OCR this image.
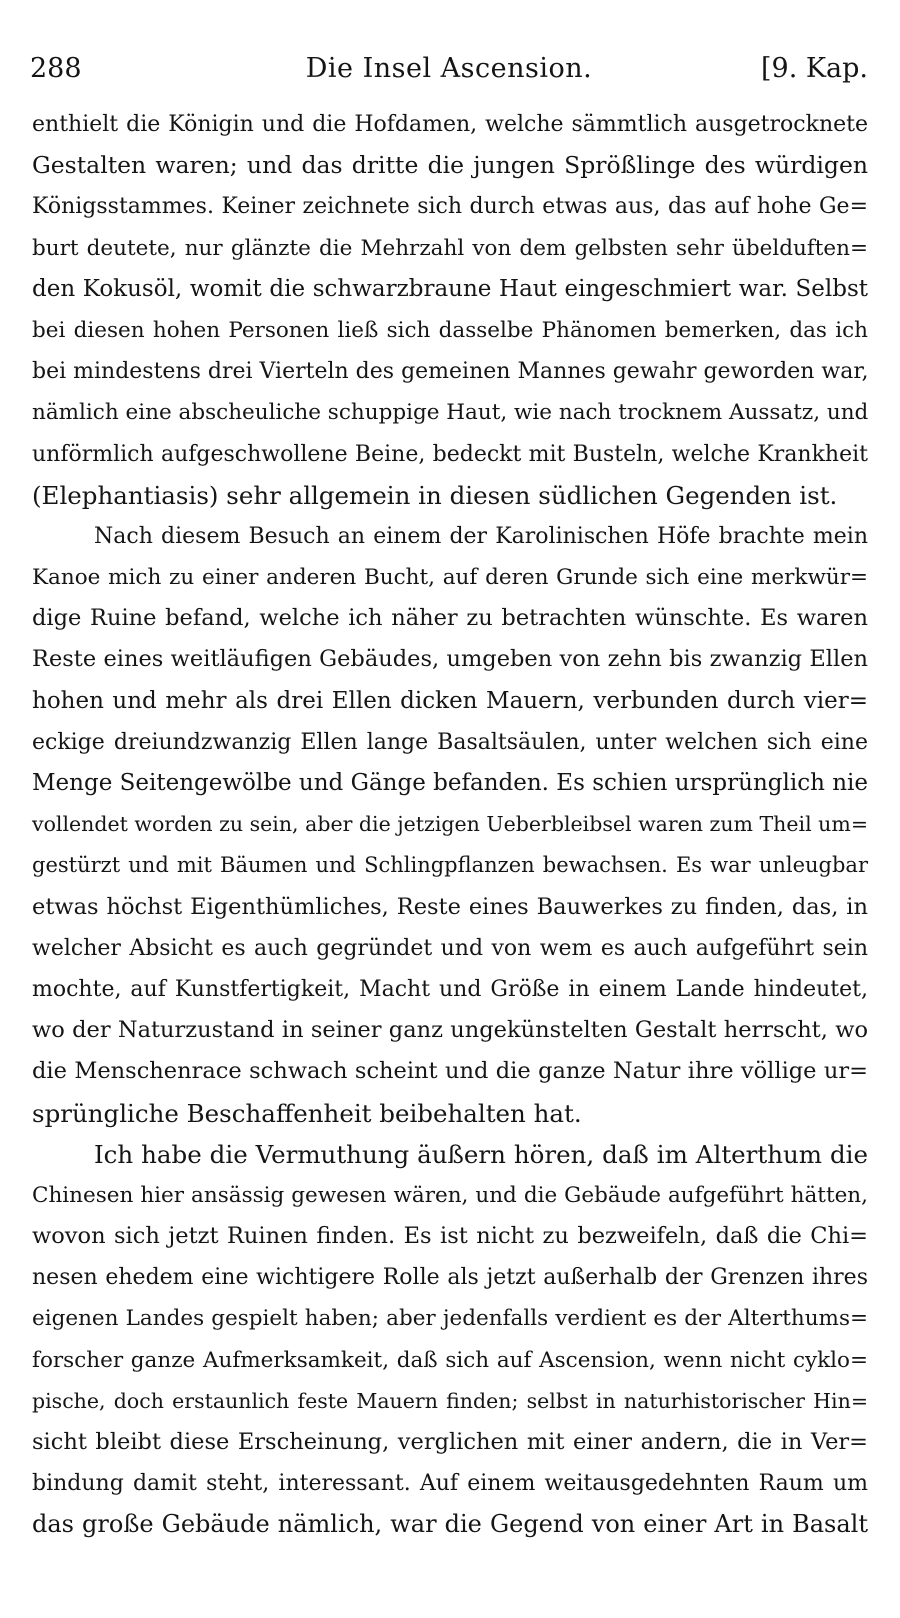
288	Die Insel Ascension.	[9. Kap.
enthielt die Königin und die Hofdamen, welche sämmtlich ausgetrocknete
Gestalten waren; und das dritte die jungen Sprößlinge des würdigen
Königsstammes. Keiner zeichnete sich durch etwas aus, das auf hohe Ge=
burt deutete, nur glänzte die Mehrzahl von dem gelbsten sehr übelduften=
den Kokusöl, womit die schwarzbraune Haut eingeschmiert war. Selbst
bei diesen hohen Personen ließ sich dasselbe Phänomen bemerken, das ich
bei mindestens drei Vierteln des gemeinen Mannes gewahr geworden war,
nämlich eine abscheuliche schuppige Haut, wie nach trocknem Aussatz, und
unförmlich aufgeschwollene Beine, bedeckt mit Busteln, welche Krankheit
(Elephantiasis) sehr allgemein in diesen südlichen Gegenden ist.
Nach diesem Besuch an einem der Karolinischen Höfe brachte mein
Kanoe mich zu einer anderen Bucht, auf deren Grunde sich eine merkwür=
dige Ruine befand, welche ich näher zu betrachten wünschte. Es waren
Reste eines weitläufigen Gebäudes, umgeben von zehn bis zwanzig Ellen
hohen und mehr als drei Ellen dicken Mauern, verbunden durch vier=
eckige dreiundzwanzig Ellen lange Basaltsäulen, unter welchen sich eine
Menge Seitengewölbe und Gänge befanden. Es schien ursprünglich nie
vollendet worden zu sein, aber die jetzigen Ueberbleibsel waren zum Theil um=
gestürzt und mit Bäumen und Schlingpflanzen bewachsen. Es war unleugbar
etwas höchst Eigenthümliches, Reste eines Bauwerkes zu finden, das, in
welcher Absicht es auch gegründet und von wem es auch aufgeführt sein
mochte, auf Kunstfertigkeit, Macht und Größe in einem Lande hindeutet,
wo der Naturzustand in seiner ganz ungekünstelten Gestalt herrscht, wo
die Menschenrace schwach scheint und die ganze Natur ihre völlige ur=
sprüngliche Beschaffenheit beibehalten hat.
Ich habe die Vermuthung äußern hören, daß im Alterthum die
Chinesen hier ansässig gewesen wären, und die Gebäude aufgeführt hätten,
wovon sich jetzt Ruinen finden. Es ist nicht zu bezweifeln, daß die Chi=
nesen ehedem eine wichtigere Rolle als jetzt außerhalb der Grenzen ihres
eigenen Landes gespielt haben; aber jedenfalls verdient es der Alterthums=
forscher ganze Aufmerksamkeit, daß sich auf Ascension, wenn nicht cyklo=
pische, doch erstaunlich feste Mauern finden; selbst in naturhistorischer Hin=
sicht bleibt diese Erscheinung, verglichen mit einer andern, die in Ver=
bindung damit steht, interessant. Auf einem weitausgedehnten Raum um
das große Gebäude nämlich, war die Gegend von einer Art in Basalt
